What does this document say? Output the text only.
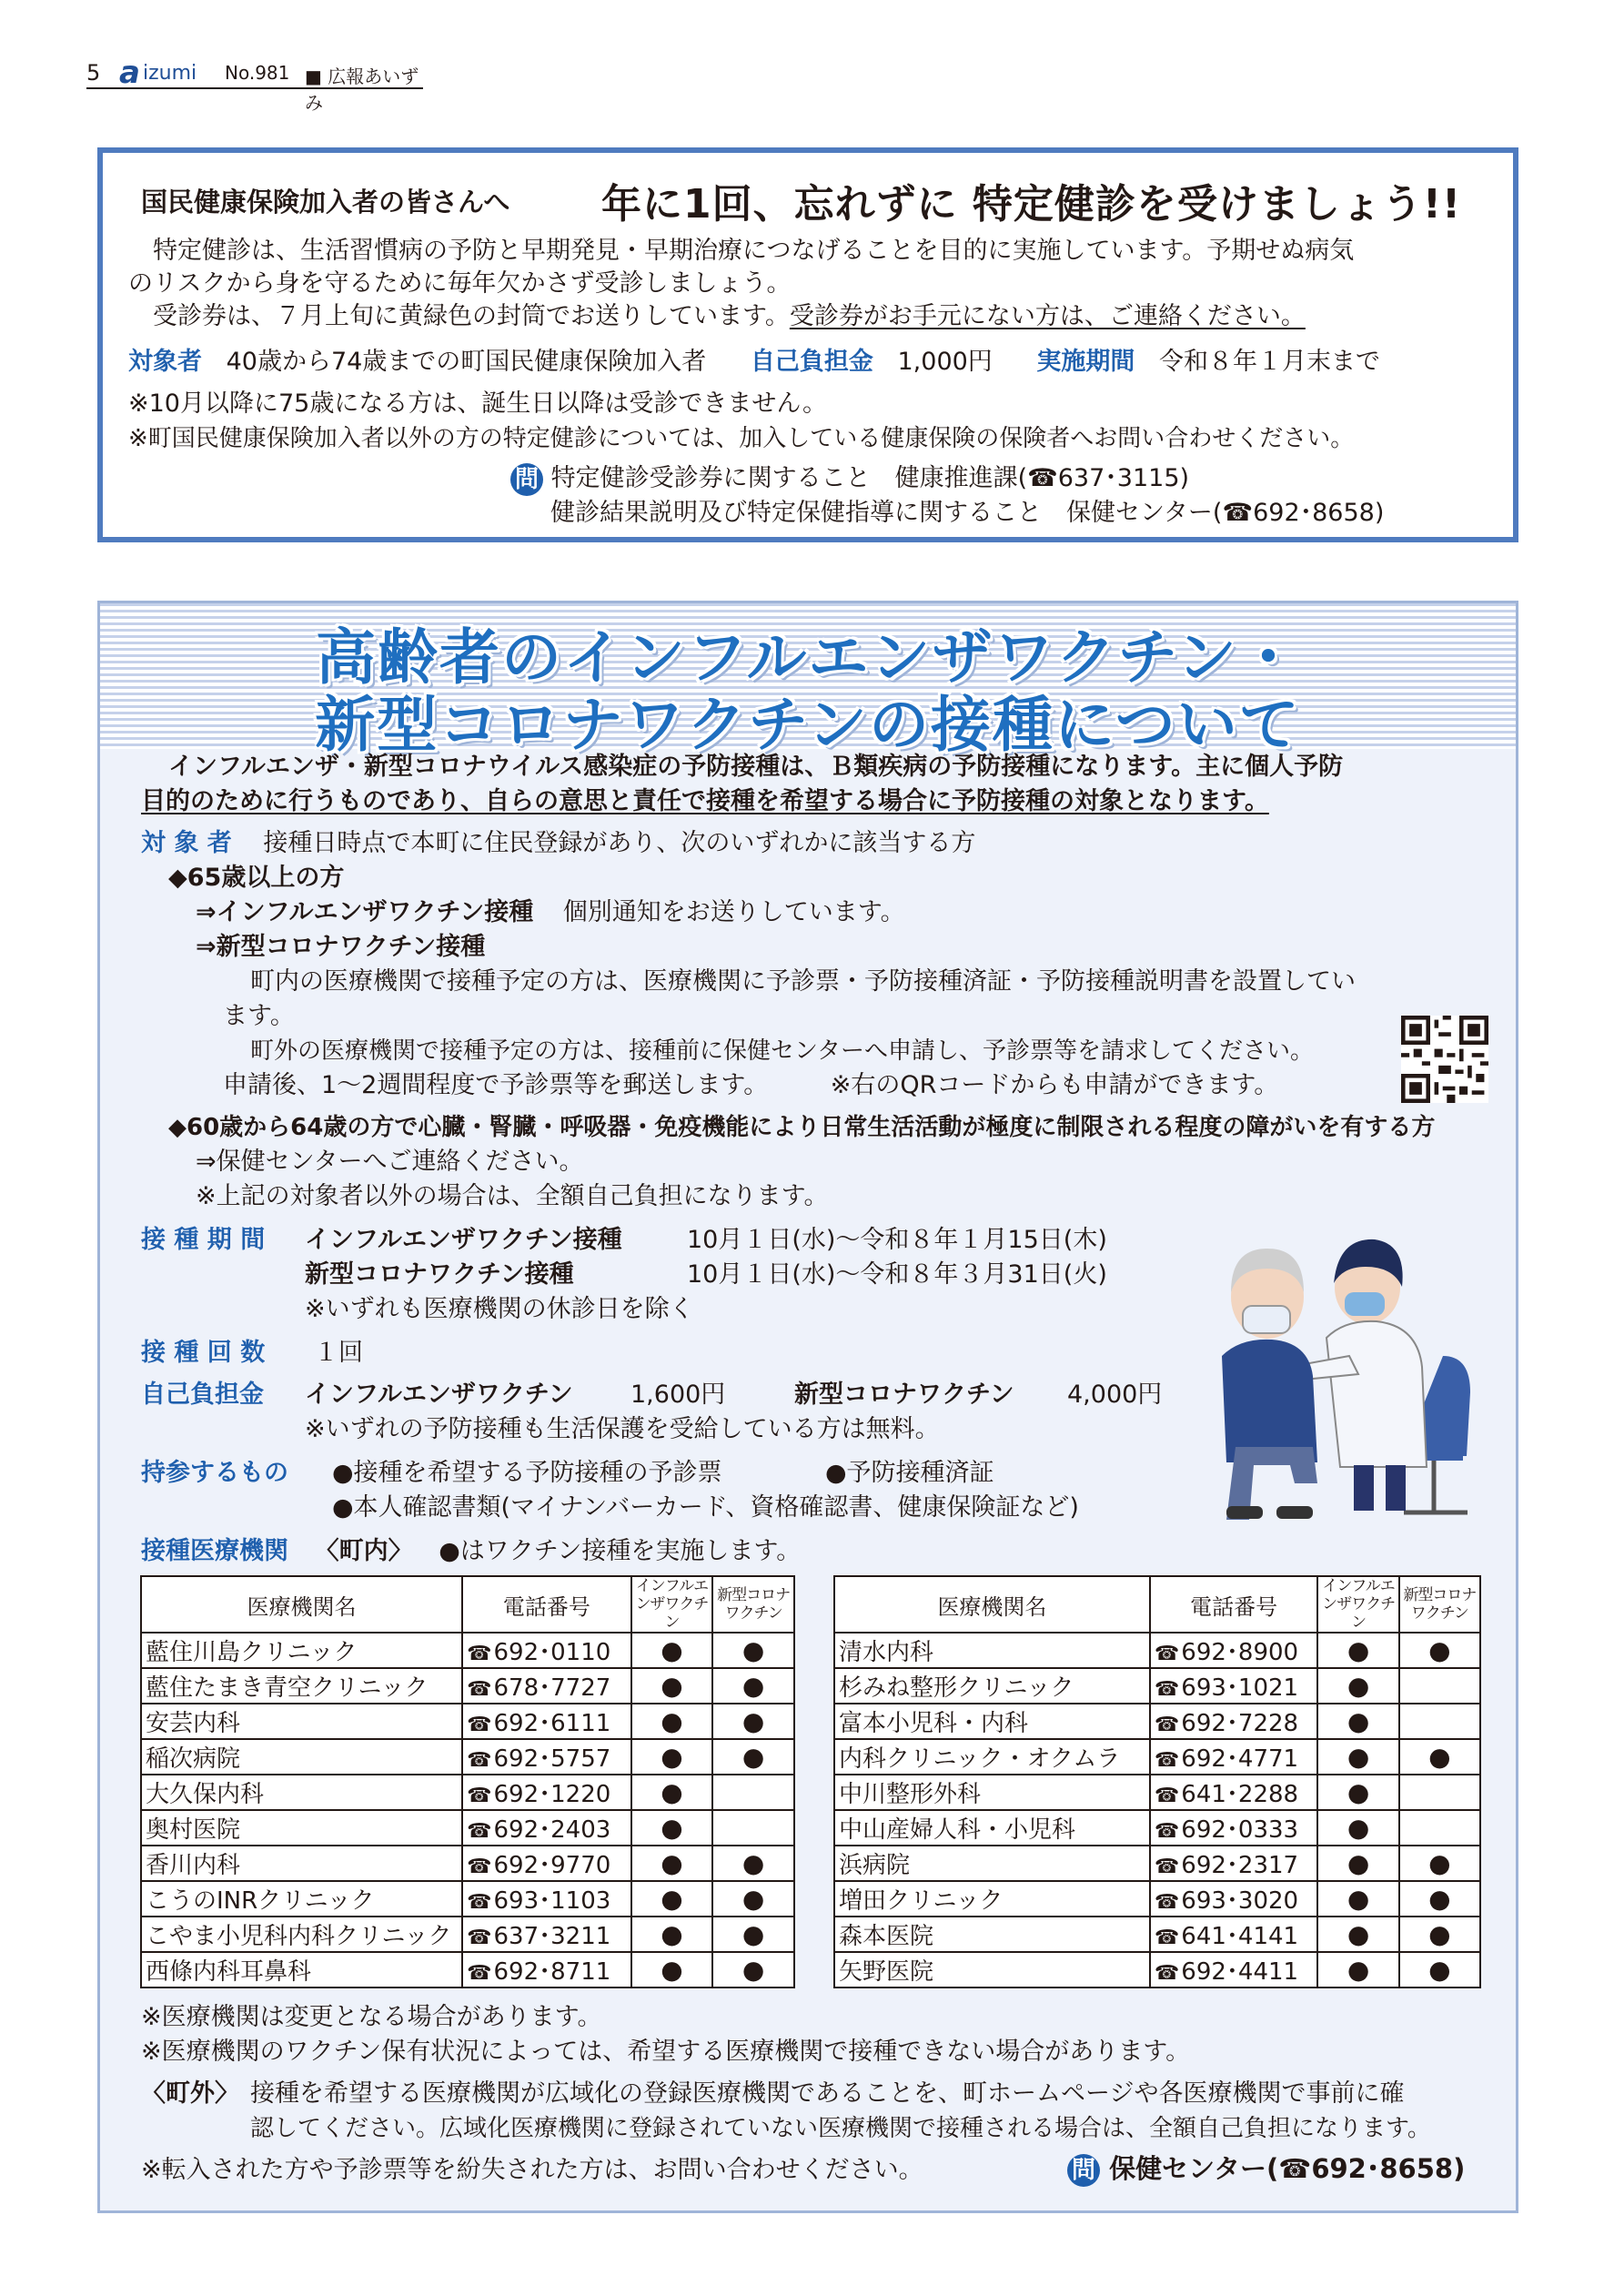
5 a izumi No.981 ■ 広報あいずみ
国民健康保険加入者の皆さんへ 年に1回、忘れずに 特定健診を受けましょう!!
特定健診は、生活習慣病の予防と早期発見・早期治療につなげることを目的に実施しています。予期せぬ病気
のリスクから身を守るために毎年欠かさず受診しましょう。
受診券は、７月上旬に黄緑色の封筒でお送りしています。受診券がお手元にない方は、ご連絡ください。
対象者 40歳から74歳までの町国民健康保険加入者 自己負担金 1,000円 実施期間 令和８年１月末まで
※10月以降に75歳になる方は、誕生日以降は受診できません。
※町国民健康保険加入者以外の方の特定健診については、加入している健康保険の保険者へお問い合わせください。
問 特定健診受診券に関すること　健康推進課(☎637･3115)
健診結果説明及び特定保健指導に関すること　保健センター(☎692･8658)
高齢者のインフルエンザワクチン・
新型コロナワクチンの接種について
インフルエンザ・新型コロナウイルス感染症の予防接種は、Ｂ類疾病の予防接種になります。主に個人予防
目的のために行うものであり、自らの意思と責任で接種を希望する場合に予防接種の対象となります。
対 象 者 接種日時点で本町に住民登録があり、次のいずれかに該当する方
◆65歳以上の方
⇒インフルエンザワクチン接種 個別通知をお送りしています。
⇒新型コロナワクチン接種
町内の医療機関で接種予定の方は、医療機関に予診票・予防接種済証・予防接種説明書を設置してい
ます。
町外の医療機関で接種予定の方は、接種前に保健センターへ申請し、予診票等を請求してください。
申請後、1～2週間程度で予診票等を郵送します。	※右のQRコードからも申請ができます。
◆60歳から64歳の方で心臓・腎臓・呼吸器・免疫機能により日常生活活動が極度に制限される程度の障がいを有する方
⇒保健センターへご連絡ください。
※上記の対象者以外の場合は、全額自己負担になります。
接 種 期 間 インフルエンザワクチン接種	10月１日(水)～令和８年１月15日(木)
新型コロナワクチン接種	10月１日(水)～令和８年３月31日(火)
※いずれも医療機関の休診日を除く
接 種 回 数 １回
自己負担金 インフルエンザワクチン 1,600円	新型コロナワクチン 4,000円
※いずれの予防接種も生活保護を受給している方は無料。
持参するもの ●接種を希望する予防接種の予診票	●予防接種済証
●本人確認書類(マイナンバーカード、資格確認書、健康保険証など)
接種医療機関 〈町内〉 ●はワクチン接種を実施します。
医療機関名	電話番号	インフルエンザワクチン	新型コロナワクチン
藍住川島クリニック	☎ 692･0110	●	●
藍住たまき青空クリニック	☎ 678･7727	●	●
安芸内科	☎ 692･6111	●	●
稲次病院	☎ 692･5757	●	●
大久保内科	☎ 692･1220	●	
奥村医院	☎ 692･2403	●	
香川内科	☎ 692･9770	●	●
こうのINRクリニック	☎ 693･1103	●	●
こやま小児科内科クリニック	☎ 637･3211	●	●
西條内科耳鼻科	☎ 692･8711	●	●
医療機関名	電話番号	インフルエンザワクチン	新型コロナワクチン
清水内科	☎ 692･8900	●	●
杉みね整形クリニック	☎ 693･1021	●	
富本小児科・内科	☎ 692･7228	●	
内科クリニック・オクムラ	☎ 692･4771	●	●
中川整形外科	☎ 641･2288	●	
中山産婦人科・小児科	☎ 692･0333	●	
浜病院	☎ 692･2317	●	●
増田クリニック	☎ 693･3020	●	●
森本医院	☎ 641･4141	●	●
矢野医院	☎ 692･4411	●	●
※医療機関は変更となる場合があります。
※医療機関のワクチン保有状況によっては、希望する医療機関で接種できない場合があります。
〈町外〉 接種を希望する医療機関が広域化の登録医療機関であることを、町ホームページや各医療機関で事前に確
認してください。広域化医療機関に登録されていない医療機関で接種される場合は、全額自己負担になります。
※転入された方や予診票等を紛失された方は、お問い合わせください。	問 保健センター(☎692･8658)
